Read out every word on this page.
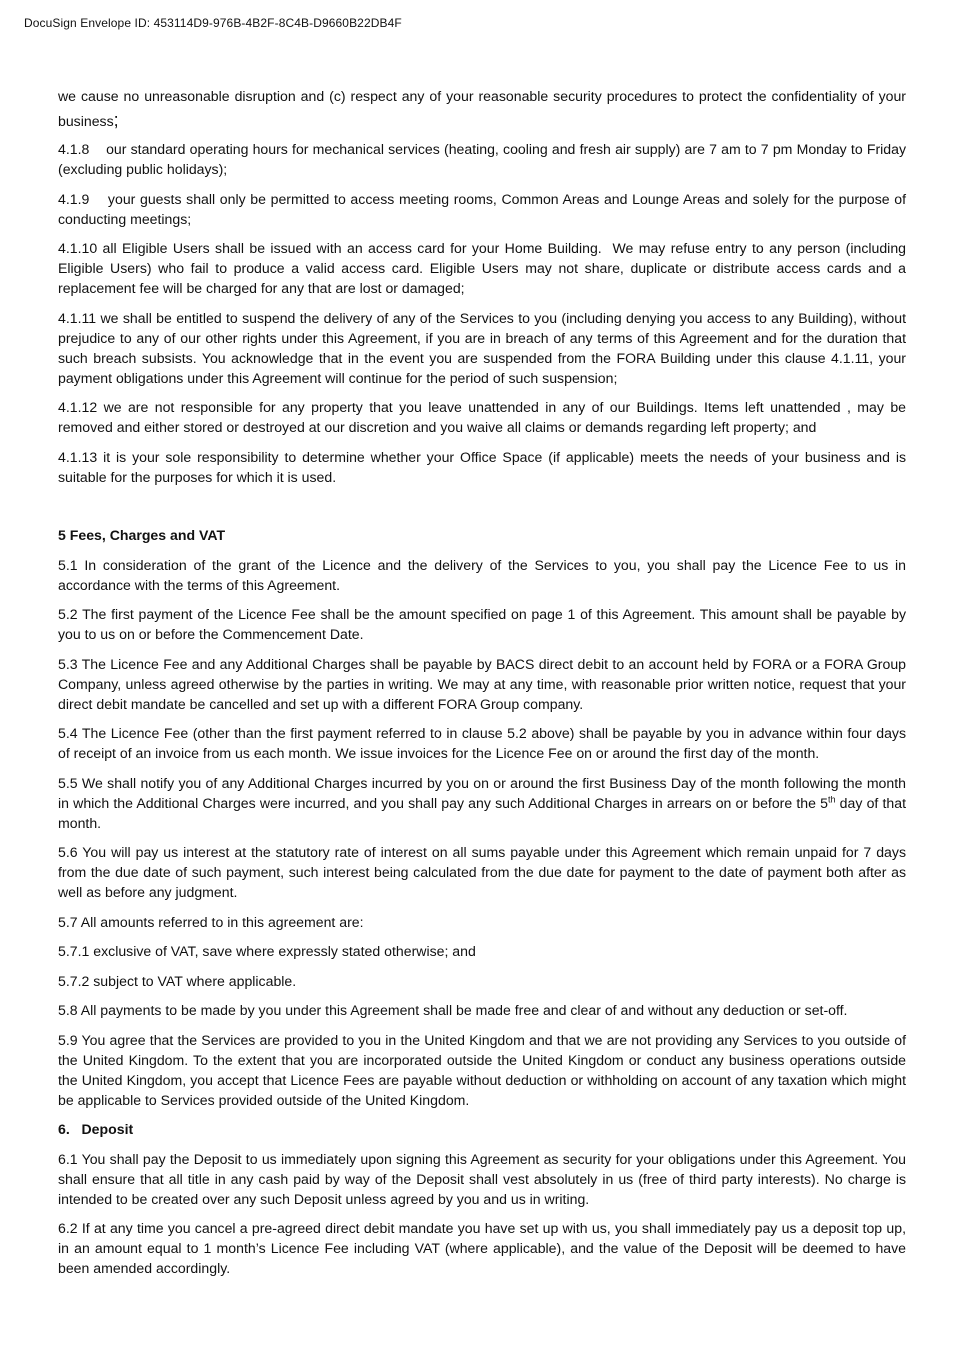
DocuSign Envelope ID: 453114D9-976B-4B2F-8C4B-D9660B22DB4F

we cause no unreasonable disruption and (c) respect any of your reasonable security procedures to protect the confidentiality of your business;

4.1.8    our standard operating hours for mechanical services (heating, cooling and fresh air supply) are 7 am to 7 pm Monday to Friday (excluding public holidays);

4.1.9    your guests shall only be permitted to access meeting rooms, Common Areas and Lounge Areas and solely for the purpose of conducting meetings;

4.1.10 all Eligible Users shall be issued with an access card for your Home Building.  We may refuse entry to any person (including Eligible Users) who fail to produce a valid access card. Eligible Users may not share, duplicate or distribute access cards and a replacement fee will be charged for any that are lost or damaged;

4.1.11 we shall be entitled to suspend the delivery of any of the Services to you (including denying you access to any Building), without prejudice to any of our other rights under this Agreement, if you are in breach of any terms of this Agreement and for the duration that such breach subsists. You acknowledge that in the event you are suspended from the FORA Building under this clause 4.1.11, your payment obligations under this Agreement will continue for the period of such suspension;

4.1.12 we are not responsible for any property that you leave unattended in any of our Buildings. Items left unattended , may be removed and either stored or destroyed at our discretion and you waive all claims or demands regarding left property; and

4.1.13 it is your sole responsibility to determine whether your Office Space (if applicable) meets the needs of your business and is suitable for the purposes for which it is used.

5 Fees, Charges and VAT

5.1 In consideration of the grant of the Licence and the delivery of the Services to you, you shall pay the Licence Fee to us in accordance with the terms of this Agreement.

5.2 The first payment of the Licence Fee shall be the amount specified on page 1 of this Agreement. This amount shall be payable by you to us on or before the Commencement Date.

5.3 The Licence Fee and any Additional Charges shall be payable by BACS direct debit to an account held by FORA or a FORA Group Company, unless agreed otherwise by the parties in writing. We may at any time, with reasonable prior written notice, request that your direct debit mandate be cancelled and set up with a different FORA Group company.

5.4 The Licence Fee (other than the first payment referred to in clause 5.2 above) shall be payable by you in advance within four days of receipt of an invoice from us each month. We issue invoices for the Licence Fee on or around the first day of the month.

5.5 We shall notify you of any Additional Charges incurred by you on or around the first Business Day of the month following the month in which the Additional Charges were incurred, and you shall pay any such Additional Charges in arrears on or before the 5th day of that month.

5.6 You will pay us interest at the statutory rate of interest on all sums payable under this Agreement which remain unpaid for 7 days from the due date of such payment, such interest being calculated from the due date for payment to the date of payment both after as well as before any judgment.

5.7 All amounts referred to in this agreement are:

5.7.1 exclusive of VAT, save where expressly stated otherwise; and

5.7.2 subject to VAT where applicable.

5.8 All payments to be made by you under this Agreement shall be made free and clear of and without any deduction or set-off.

5.9 You agree that the Services are provided to you in the United Kingdom and that we are not providing any Services to you outside of the United Kingdom. To the extent that you are incorporated outside the United Kingdom or conduct any business operations outside the United Kingdom, you accept that Licence Fees are payable without deduction or withholding on account of any taxation which might be applicable to Services provided outside of the United Kingdom.

6.   Deposit

6.1 You shall pay the Deposit to us immediately upon signing this Agreement as security for your obligations under this Agreement. You shall ensure that all title in any cash paid by way of the Deposit shall vest absolutely in us (free of third party interests). No charge is intended to be created over any such Deposit unless agreed by you and us in writing.

6.2 If at any time you cancel a pre-agreed direct debit mandate you have set up with us, you shall immediately pay us a deposit top up, in an amount equal to 1 month’s Licence Fee including VAT (where applicable), and the value of the Deposit will be deemed to have been amended accordingly.
